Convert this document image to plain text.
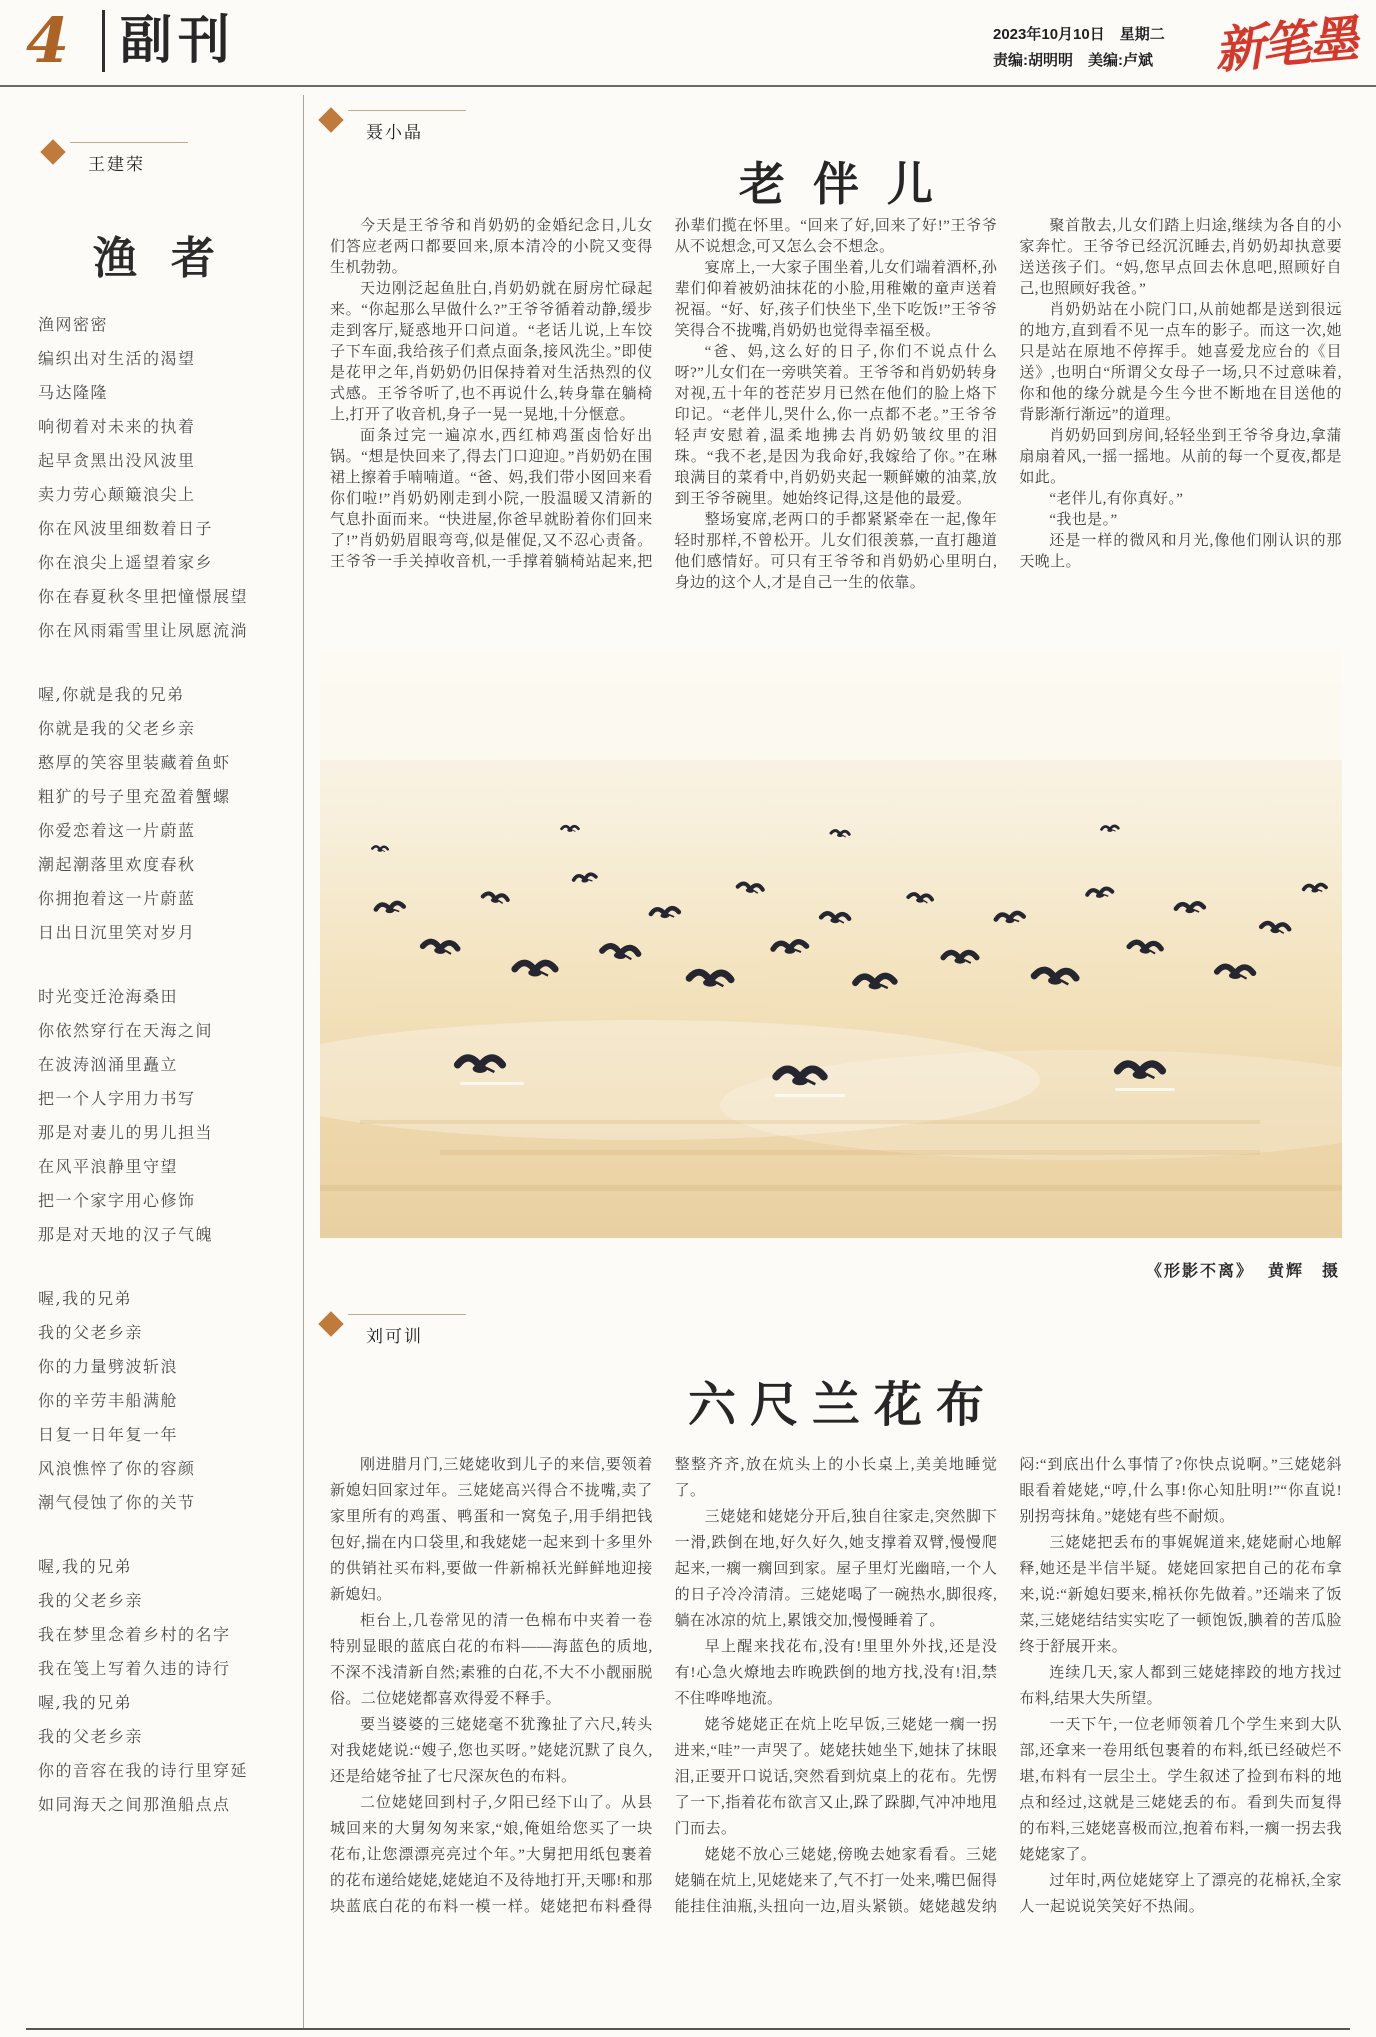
4 副刊	2023年10月10日　星期二
责编:胡明明　美编:卢斌	新笔墨
王建荣
渔者
渔网密密
编织出对生活的渴望
马达隆隆
响彻着对未来的执着
起早贪黑出没风波里
卖力劳心颠簸浪尖上
你在风波里细数着日子
你在浪尖上遥望着家乡
你在春夏秋冬里把憧憬展望
你在风雨霜雪里让夙愿流淌
喔,你就是我的兄弟
你就是我的父老乡亲
憨厚的笑容里装藏着鱼虾
粗犷的号子里充盈着蟹螺
你爱恋着这一片蔚蓝
潮起潮落里欢度春秋
你拥抱着这一片蔚蓝
日出日沉里笑对岁月
时光变迁沧海桑田
你依然穿行在天海之间
在波涛汹涌里矗立
把一个人字用力书写
那是对妻儿的男儿担当
在风平浪静里守望
把一个家字用心修饰
那是对天地的汉子气魄
喔,我的兄弟
我的父老乡亲
你的力量劈波斩浪
你的辛劳丰船满舱
日复一日年复一年
风浪憔悴了你的容颜
潮气侵蚀了你的关节
喔,我的兄弟
我的父老乡亲
我在梦里念着乡村的名字
我在笺上写着久违的诗行
喔,我的兄弟
我的父老乡亲
你的音容在我的诗行里穿延
如同海天之间那渔船点点
聂小晶
老伴儿

今天是王爷爷和肖奶奶的金婚纪念日,儿女们答应老两口都要回来,原本清冷的小院又变得生机勃勃。

天边刚泛起鱼肚白,肖奶奶就在厨房忙碌起来。“你起那么早做什么?”王爷爷循着动静,缓步走到客厅,疑惑地开口问道。“老话儿说,上车饺子下车面,我给孩子们煮点面条,接风洗尘。”即使是花甲之年,肖奶奶仍旧保持着对生活热烈的仪式感。王爷爷听了,也不再说什么,转身靠在躺椅上,打开了收音机,身子一晃一晃地,十分惬意。

面条过完一遍凉水,西红柿鸡蛋卤恰好出锅。“想是快回来了,得去门口迎迎。”肖奶奶在围裙上擦着手喃喃道。“爸、妈,我们带小囡回来看你们啦!”肖奶奶刚走到小院,一股温暖又清新的气息扑面而来。“快进屋,你爸早就盼着你们回来了!”肖奶奶眉眼弯弯,似是催促,又不忍心责备。王爷爷一手关掉收音机,一手撑着躺椅站起来,把孙辈们揽在怀里。“回来了好,回来了好!”王爷爷从不说想念,可又怎么会不想念。

宴席上,一大家子围坐着,儿女们端着酒杯,孙辈们仰着被奶油抹花的小脸,用稚嫩的童声送着祝福。“好、好,孩子们快坐下,坐下吃饭!”王爷爷笑得合不拢嘴,肖奶奶也觉得幸福至极。

“爸、妈,这么好的日子,你们不说点什么呀?”儿女们在一旁哄笑着。王爷爷和肖奶奶转身对视,五十年的苍茫岁月已然在他们的脸上烙下印记。“老伴儿,哭什么,你一点都不老。”王爷爷轻声安慰着,温柔地拂去肖奶奶皱纹里的泪珠。“我不老,是因为我命好,我嫁给了你。”在琳琅满目的菜肴中,肖奶奶夹起一颗鲜嫩的油菜,放到王爷爷碗里。她始终记得,这是他的最爱。

整场宴席,老两口的手都紧紧牵在一起,像年轻时那样,不曾松开。儿女们很羡慕,一直打趣道他们感情好。可只有王爷爷和肖奶奶心里明白,身边的这个人,才是自己一生的依靠。

聚首散去,儿女们踏上归途,继续为各自的小家奔忙。王爷爷已经沉沉睡去,肖奶奶却执意要送送孩子们。“妈,您早点回去休息吧,照顾好自己,也照顾好我爸。”

肖奶奶站在小院门口,从前她都是送到很远的地方,直到看不见一点车的影子。而这一次,她只是站在原地不停挥手。她喜爱龙应台的《目送》,也明白“所谓父女母子一场,只不过意味着,你和他的缘分就是今生今世不断地在目送他的背影渐行渐远”的道理。

肖奶奶回到房间,轻轻坐到王爷爷身边,拿蒲扇扇着风,一摇一摇地。从前的每一个夏夜,都是如此。

“老伴儿,有你真好。”

“我也是。”

还是一样的微风和月光,像他们刚认识的那天晚上。

《形影不离》 黄辉　摄
刘可训
六尺兰花布

刚进腊月门,三姥姥收到儿子的来信,要领着新媳妇回家过年。三姥姥高兴得合不拢嘴,卖了家里所有的鸡蛋、鸭蛋和一窝兔子,用手绢把钱包好,揣在内口袋里,和我姥姥一起来到十多里外的供销社买布料,要做一件新棉袄光鲜鲜地迎接新媳妇。

柜台上,几卷常见的清一色棉布中夹着一卷特别显眼的蓝底白花的布料——海蓝色的质地,不深不浅清新自然;素雅的白花,不大不小靓丽脱俗。二位姥姥都喜欢得爱不释手。

要当婆婆的三姥姥毫不犹豫扯了六尺,转头对我姥姥说:“嫂子,您也买呀。”姥姥沉默了良久,还是给姥爷扯了七尺深灰色的布料。

二位姥姥回到村子,夕阳已经下山了。从县城回来的大舅匆匆来家,“娘,俺姐给您买了一块花布,让您漂漂亮亮过个年。”大舅把用纸包裹着的花布递给姥姥,姥姥迫不及待地打开,天哪!和那块蓝底白花的布料一模一样。姥姥把布料叠得整整齐齐,放在炕头上的小长桌上,美美地睡觉了。

三姥姥和姥姥分开后,独自往家走,突然脚下一滑,跌倒在地,好久好久,她支撑着双臂,慢慢爬起来,一瘸一瘸回到家。屋子里灯光幽暗,一个人的日子冷冷清清。三姥姥喝了一碗热水,脚很疼,躺在冰凉的炕上,累饿交加,慢慢睡着了。

早上醒来找花布,没有!里里外外找,还是没有!心急火燎地去昨晚跌倒的地方找,没有!泪,禁不住哗哗地流。

姥爷姥姥正在炕上吃早饭,三姥姥一瘸一拐进来,“哇”一声哭了。姥姥扶她坐下,她抹了抹眼泪,正要开口说话,突然看到炕桌上的花布。先愣了一下,指着花布欲言又止,跺了跺脚,气冲冲地甩门而去。

姥姥不放心三姥姥,傍晚去她家看看。三姥姥躺在炕上,见姥姥来了,气不打一处来,嘴巴倔得能挂住油瓶,头扭向一边,眉头紧锁。姥姥越发纳闷:“到底出什么事情了?你快点说啊。”三姥姥斜眼看着姥姥,“哼,什么事!你心知肚明!”“你直说!别拐弯抹角。”姥姥有些不耐烦。

三姥姥把丢布的事娓娓道来,姥姥耐心地解释,她还是半信半疑。姥姥回家把自己的花布拿来,说:“新媳妇要来,棉袄你先做着。”还端来了饭菜,三姥姥结结实实吃了一顿饱饭,腆着的苦瓜脸终于舒展开来。

连续几天,家人都到三姥姥摔跤的地方找过布料,结果大失所望。

一天下午,一位老师领着几个学生来到大队部,还拿来一卷用纸包裹着的布料,纸已经破烂不堪,布料有一层尘土。学生叙述了捡到布料的地点和经过,这就是三姥姥丢的布。看到失而复得的布料,三姥姥喜极而泣,抱着布料,一瘸一拐去我姥姥家了。

过年时,两位姥姥穿上了漂亮的花棉袄,全家人一起说说笑笑好不热闹。
